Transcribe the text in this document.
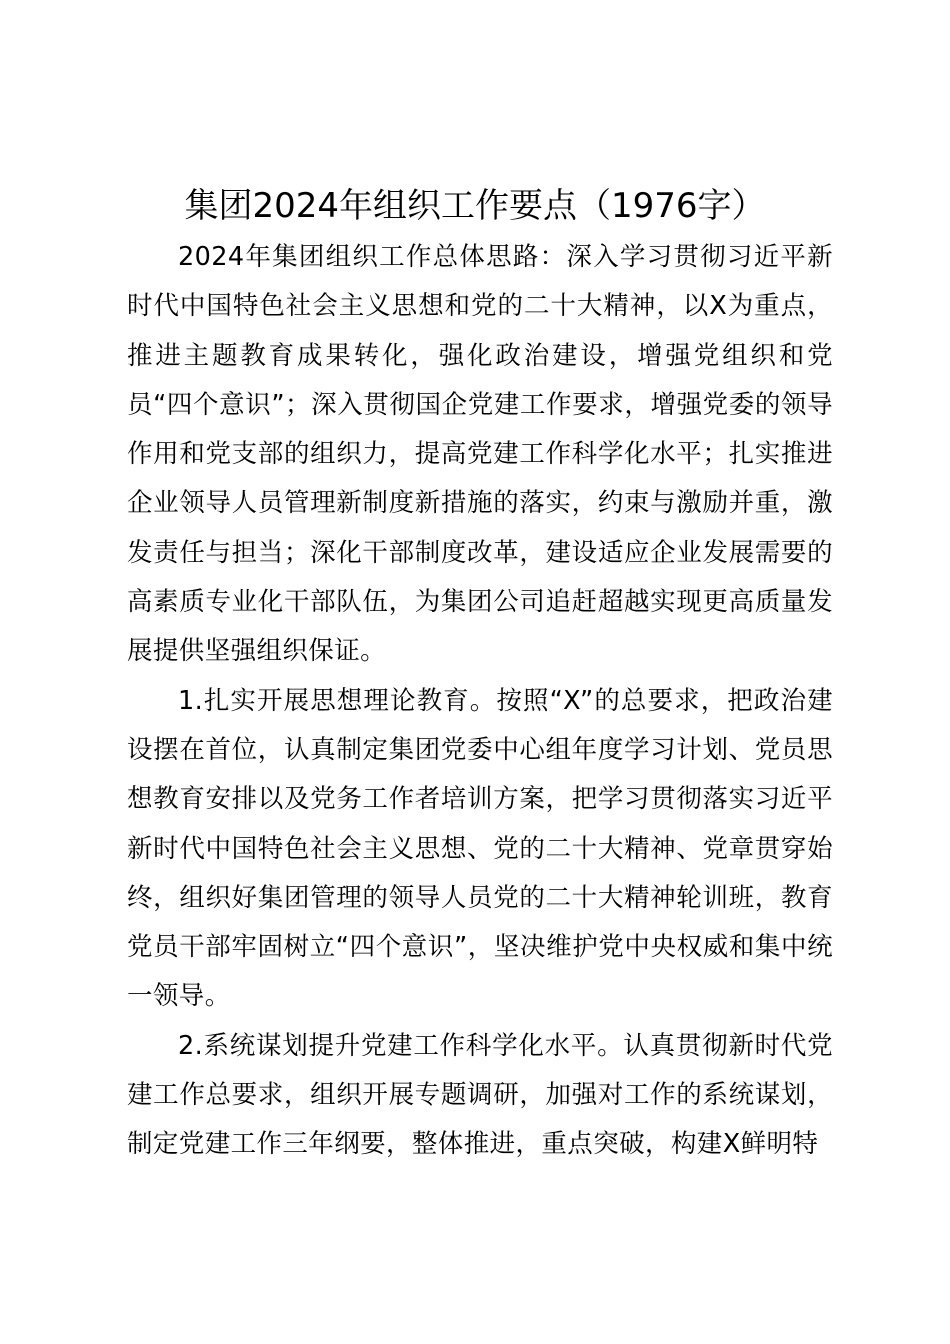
集团2024年组织工作要点（1976字）

2024年集团组织工作总体思路：深入学习贯彻习近平新时代中国特色社会主义思想和党的二十大精神，以X为重点，推进主题教育成果转化，强化政治建设，增强党组织和党员“四个意识”；深入贯彻国企党建工作要求，增强党委的领导作用和党支部的组织力，提高党建工作科学化水平；扎实推进企业领导人员管理新制度新措施的落实，约束与激励并重，激发责任与担当；深化干部制度改革，建设适应企业发展需要的高素质专业化干部队伍，为集团公司追赶超越实现更高质量发展提供坚强组织保证。

1.扎实开展思想理论教育。按照“X”的总要求，把政治建设摆在首位，认真制定集团党委中心组年度学习计划、党员思想教育安排以及党务工作者培训方案，把学习贯彻落实习近平新时代中国特色社会主义思想、党的二十大精神、党章贯穿始终，组织好集团管理的领导人员党的二十大精神轮训班，教育党员干部牢固树立“四个意识”，坚决维护党中央权威和集中统一领导。

2.系统谋划提升党建工作科学化水平。认真贯彻新时代党建工作总要求，组织开展专题调研，加强对工作的系统谋划，制定党建工作三年纲要，整体推进，重点突破，构建X鲜明特
